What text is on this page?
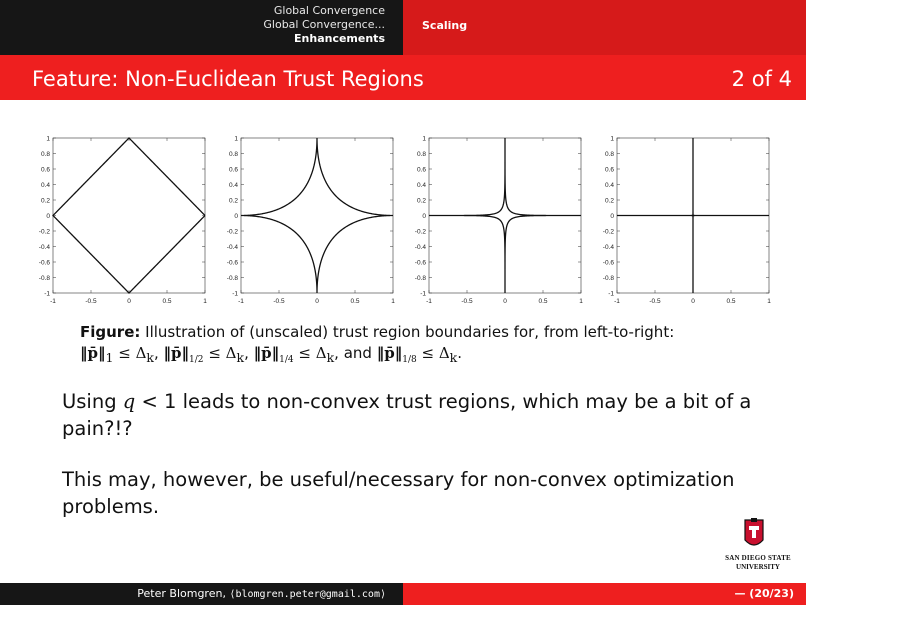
Global Convergence
Global Convergence...
Enhancements
Scaling
Feature: Non-Euclidean Trust Regions	2 of 4
-1	-0.5	0	0.5	1
1
0.8
0.6
0.4
0.2
0
-0.2
-0.4
-0.6
-0.8
-1
-1	-0.5	0	0.5	1
1
0.8
0.6
0.4
0.2
0
-0.2
-0.4
-0.6
-0.8
-1
-1	-0.5	0	0.5	1
1
0.8
0.6
0.4
0.2
0
-0.2
-0.4
-0.6
-0.8
-1
-1	-0.5	0	0.5	1
1
0.8
0.6
0.4
0.2
0
-0.2
-0.4
-0.6
-0.8
-1
Figure: Illustration of (unscaled) trust region boundaries for, from left-to-right:
$‖p̄‖_1 \le \Delta_k$, $‖p̄‖_{1/2} \le \Delta_k$, $‖p̄‖_{1/4} \le \Delta_k$, and $‖p̄‖_{1/8} \le \Delta_k$.
Using q < 1 leads to non-convex trust regions, which may be a bit of a pain?!?
This may, however, be useful/necessary for non-convex optimization problems.
SAN DIEGO STATE
UNIVERSITY
Peter Blomgren, ⟨blomgren.peter@gmail.com⟩	TR: Global Convergence and Enhancements
— (20/23)
